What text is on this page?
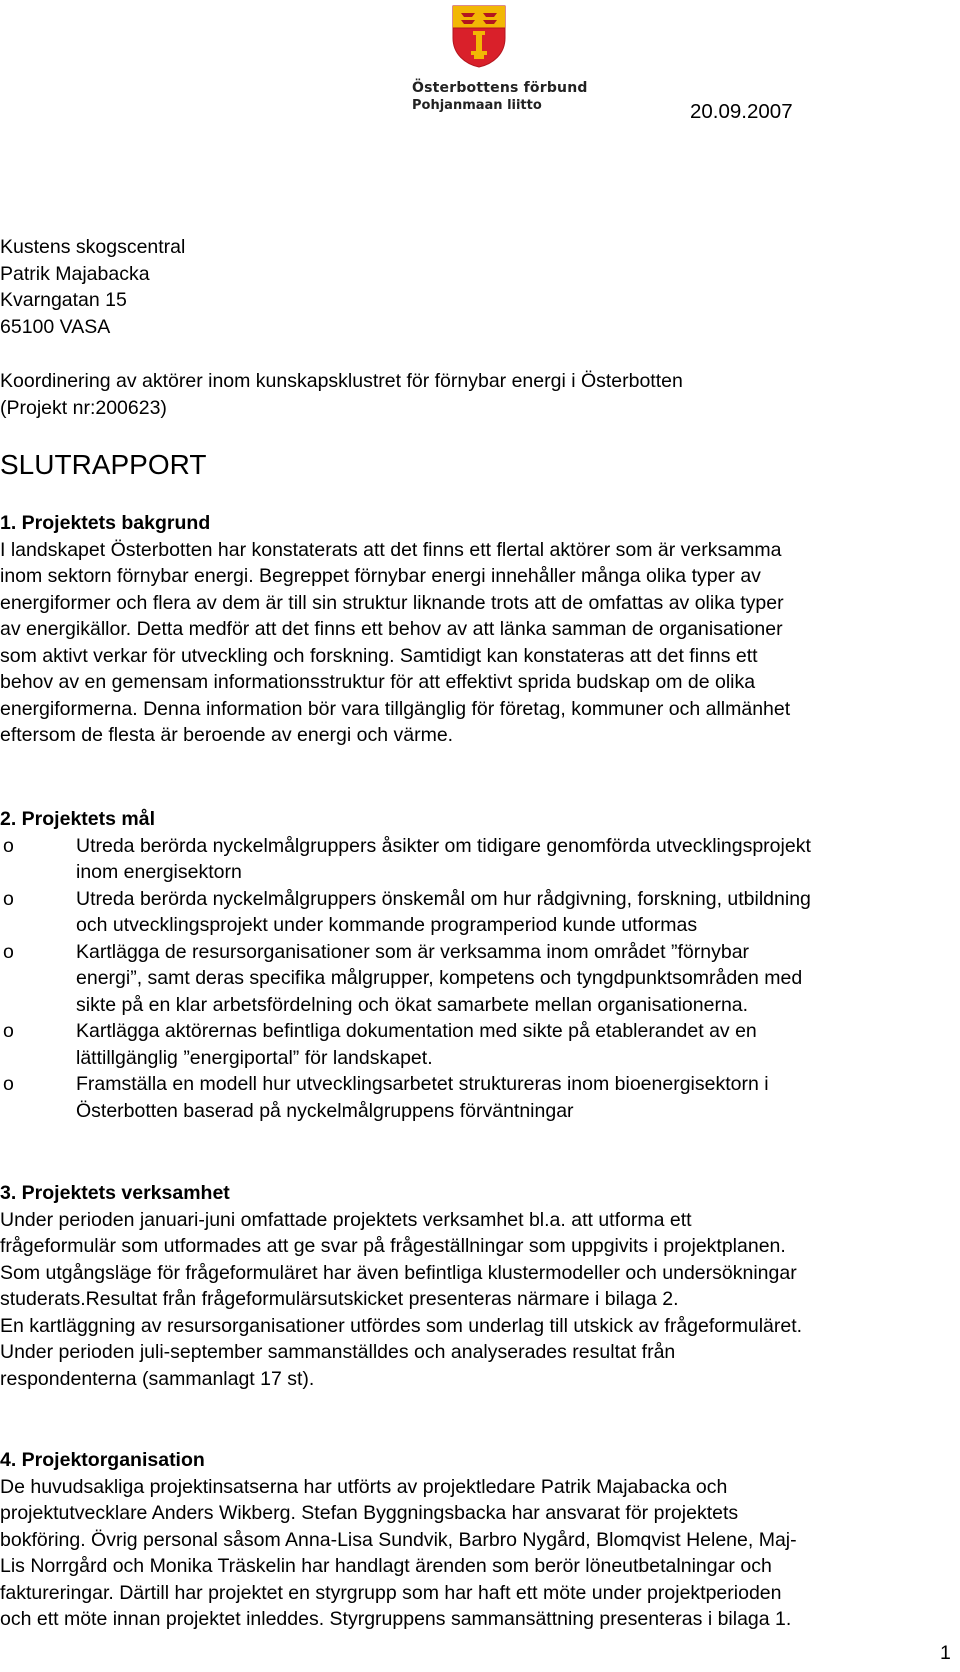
Österbottens förbund
Pohjanmaan liitto	20.09.2007
Kustens skogscentral
Patrik Majabacka
Kvarngatan 15
65100 VASA
Koordinering av aktörer inom kunskapsklustret för förnybar energi i Österbotten
(Projekt nr:200623)
SLUTRAPPORT
1. Projektets bakgrund

I landskapet Österbotten har konstaterats att det finns ett flertal aktörer som är verksamma
inom sektorn förnybar energi. Begreppet förnybar energi innehåller många olika typer av
energiformer och flera av dem är till sin struktur liknande trots att de omfattas av olika typer
av energikällor. Detta medför att det finns ett behov av att länka samman de organisationer
som aktivt verkar för utveckling och forskning. Samtidigt kan konstateras att det finns ett
behov av en gemensam informationsstruktur för att effektivt sprida budskap om de olika
energiformerna. Denna information bör vara tillgänglig för företag, kommuner och allmänhet
eftersom de flesta är beroende av energi och värme.

2. Projektets mål
o	Utreda berörda nyckelmålgruppers åsikter om tidigare genomförda utvecklingsprojekt
inom energisektorn
o	Utreda berörda nyckelmålgruppers önskemål om hur rådgivning, forskning, utbildning
och utvecklingsprojekt under kommande programperiod kunde utformas
o	Kartlägga de resursorganisationer som är verksamma inom området ”förnybar
energi”, samt deras specifika målgrupper, kompetens och tyngdpunktsområden med
sikte på en klar arbetsfördelning och ökat samarbete mellan organisationerna.
o	Kartlägga aktörernas befintliga dokumentation med sikte på etablerandet av en
lättillgänglig ”energiportal” för landskapet.
o	Framställa en modell hur utvecklingsarbetet struktureras inom bioenergisektorn i
Österbotten baserad på nyckelmålgruppens förväntningar
3. Projektets verksamhet

Under perioden januari-juni omfattade projektets verksamhet bl.a. att utforma ett
frågeformulär som utformades att ge svar på frågeställningar som uppgivits i projektplanen.
Som utgångsläge för frågeformuläret har även befintliga klustermodeller och undersökningar
studerats.Resultat från frågeformulärsutskicket presenteras närmare i bilaga 2.
En kartläggning av resursorganisationer utfördes som underlag till utskick av frågeformuläret.
Under perioden juli-september sammanställdes och analyserades resultat från
respondenterna (sammanlagt 17 st).

4. Projektorganisation

De huvudsakliga projektinsatserna har utförts av projektledare Patrik Majabacka och
projektutvecklare Anders Wikberg. Stefan Byggningsbacka har ansvarat för projektets
bokföring. Övrig personal såsom Anna-Lisa Sundvik, Barbro Nygård, Blomqvist Helene, Maj-
Lis Norrgård och Monika Träskelin har handlagt ärenden som berör löneutbetalningar och
faktureringar. Därtill har projektet en styrgrupp som har haft ett möte under projektperioden
och ett möte innan projektet inleddes. Styrgruppens sammansättning presenteras i bilaga 1.

1
